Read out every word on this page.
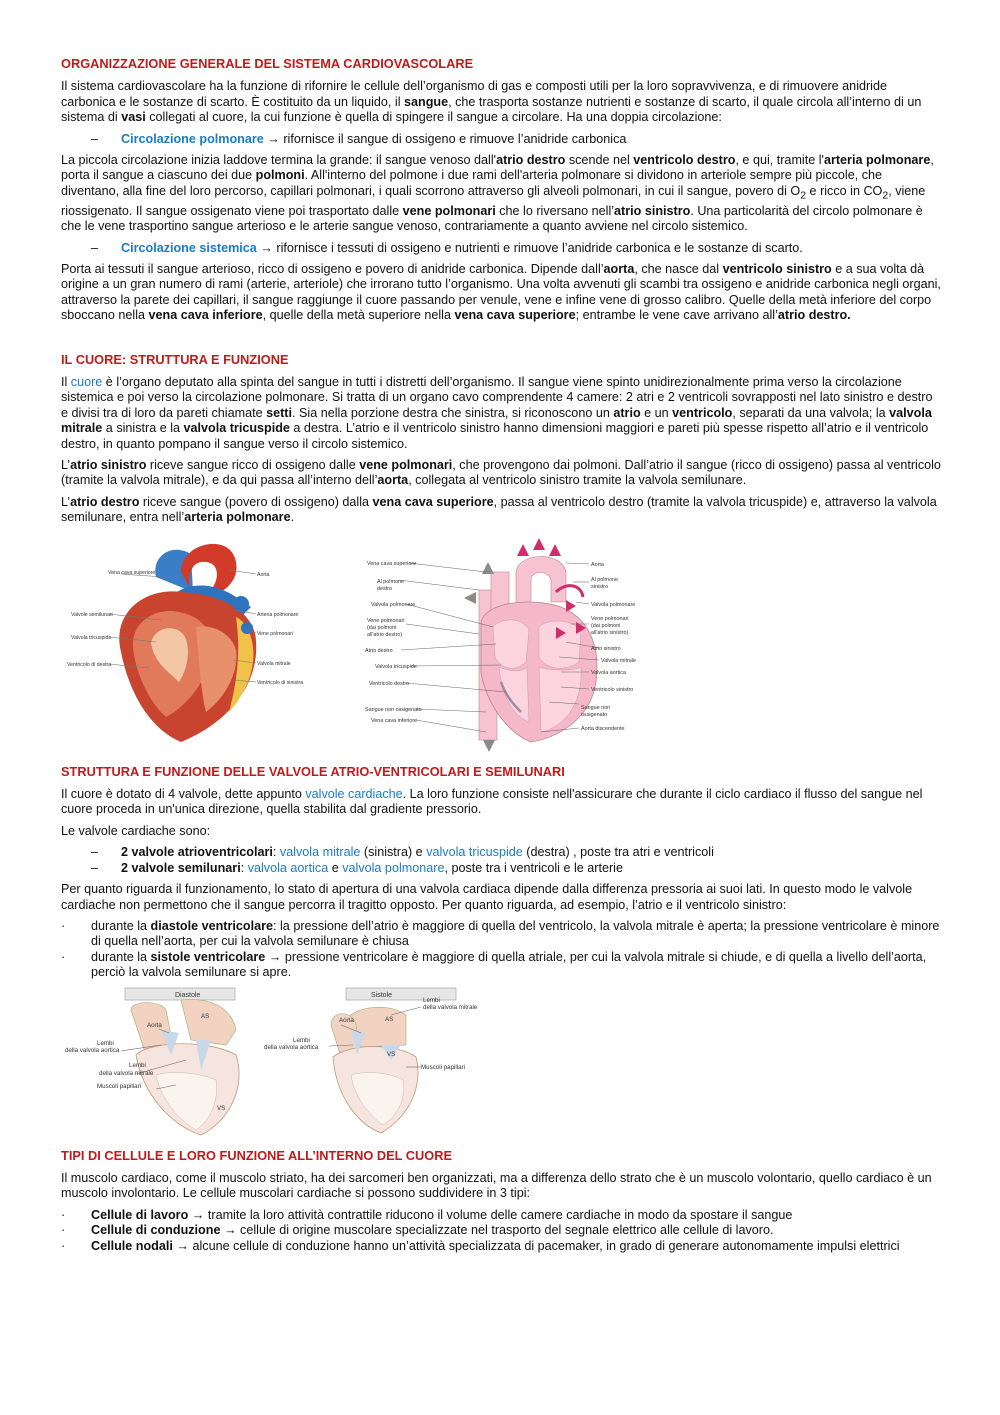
ORGANIZZAZIONE GENERALE DEL SISTEMA CARDIOVASCOLARE

Il sistema cardiovascolare ha la funzione di rifornire le cellule dell’organismo di gas e composti utili per la loro sopravvivenza, e di rimuovere anidride carbonica e le sostanze di scarto. È costituito da un liquido, il sangue, che trasporta sostanze nutrienti e sostanze di scarto, il quale circola all’interno di un sistema di vasi collegati al cuore, la cui funzione è quella di spingere il sangue a circolare. Ha una doppia circolazione:

– Circolazione polmonare → rifornisce il sangue di ossigeno e rimuove l’anidride carbonica

La piccola circolazione inizia laddove termina la grande: il sangue venoso dall'atrio destro scende nel ventricolo destro, e qui, tramite l'arteria polmonare, porta il sangue a ciascuno dei due polmoni. All'interno del polmone i due rami dell'arteria polmonare si dividono in arteriole sempre più piccole, che diventano, alla fine del loro percorso, capillari polmonari, i quali scorrono attraverso gli alveoli polmonari, in cui il sangue, povero di $O_2$ e ricco in $CO_2$, viene riossigenato. Il sangue ossigenato viene poi trasportato dalle vene polmonari che lo riversano nell’atrio sinistro. Una particolarità del circolo polmonare è che le vene trasportino sangue arterioso e le arterie sangue venoso, contrariamente a quanto avviene nel circolo sistemico.

– Circolazione sistemica → rifornisce i tessuti di ossigeno e nutrienti e rimuove l’anidride carbonica e le sostanze di scarto.

Porta ai tessuti il sangue arterioso, ricco di ossigeno e povero di anidride carbonica. Dipende dall’aorta, che nasce dal ventricolo sinistro e a sua volta dà origine a un gran numero di rami (arterie, arteriole) che irrorano tutto l’organismo. Una volta avvenuti gli scambi tra ossigeno e anidride carbonica negli organi, attraverso la parete dei capillari, il sangue raggiunge il cuore passando per venule, vene e infine vene di grosso calibro. Quelle della metà inferiore del corpo sboccano nella vena cava inferiore, quelle della metà superiore nella vena cava superiore; entrambe le vene cave arrivano all’atrio destro.

IL CUORE: STRUTTURA E FUNZIONE

Il cuore è l’organo deputato alla spinta del sangue in tutti i distretti dell’organismo. Il sangue viene spinto unidirezionalmente prima verso la circolazione sistemica e poi verso la circolazione polmonare. Si tratta di un organo cavo comprendente 4 camere: 2 atri e 2 ventricoli sovrapposti nel lato sinistro e destro e divisi tra di loro da pareti chiamate setti. Sia nella porzione destra che sinistra, si riconoscono un atrio e un ventricolo, separati da una valvola; la valvola mitrale a sinistra e la valvola tricuspide a destra. L’atrio e il ventricolo sinistro hanno dimensioni maggiori e pareti più spesse rispetto all’atrio e il ventricolo destro, in quanto pompano il sangue verso il circolo sistemico.

L’atrio sinistro riceve sangue ricco di ossigeno dalle vene polmonari, che provengono dai polmoni. Dall’atrio il sangue (ricco di ossigeno) passa al ventricolo (tramite la valvola mitrale), e da qui passa all’interno dell’aorta, collegata al ventricolo sinistro tramite la valvola semilunare.

L’atrio destro riceve sangue (povero di ossigeno) dalla vena cava superiore, passa al ventricolo destro (tramite la valvola tricuspide) e, attraverso la valvola semilunare, entra nell’arteria polmonare.

Vena cava superiore	Aorta
Valvole semilunari	Arteria polmonare
Valvola tricuspide
Vene polmonari
Ventricolo di destra	Valvola mitrale
Ventricolo di sinistra
Vena cava superiore
Al polmone
destro
Valvola polmonare
Vene polmonari
(dai polmoni
all'atrio destro)
Atrio destro
Valvola tricuspide
Ventricolo destro
Sangue non ossigenato
Vena cava inferiore
Aorta
Al polmone
sinistro
Valvola polmonare
Vene polmonari
(dai polmoni
all'atrio sinistro)
Atrio sinistro
Valvola mitrale
Valvola aortica
Ventricolo sinistro
Sangue non
ossigenato
Aorta discendente
STRUTTURA E FUNZIONE DELLE VALVOLE ATRIO-VENTRICOLARI E SEMILUNARI

Il cuore è dotato di 4 valvole, dette appunto valvole cardiache. La loro funzione consiste nell'assicurare che durante il ciclo cardiaco il flusso del sangue nel cuore proceda in un'unica direzione, quella stabilita dal gradiente pressorio.

Le valvole cardiache sono:

– 2 valvole atrioventricolari: valvola mitrale (sinistra) e valvola tricuspide (destra) , poste tra atri e ventricoli
– 2 valvole semilunari: valvola aortica e valvola polmonare, poste tra i ventricoli e le arterie

Per quanto riguarda il funzionamento, lo stato di apertura di una valvola cardiaca dipende dalla differenza pressoria ai suoi lati. In questo modo le valvole cardiache non permettono che il sangue percorra il tragitto opposto. Per quanto riguarda, ad esempio, l’atrio e il ventricolo sinistro:

· durante la diastole ventricolare: la pressione dell’atrio è maggiore di quella del ventricolo, la valvola mitrale è aperta; la pressione ventricolare è minore di quella nell’aorta, per cui la valvola semilunare è chiusa
· durante la sistole ventricolare → pressione ventricolare è maggiore di quella atriale, per cui la valvola mitrale si chiude, e di quella a livello dell’aorta, perciò la valvola semilunare si apre.
Diastole
Aorta
AS
Lembi
della valvola aortica
Lembi
della valvola mitrale
Muscoli papillari
VS
Sistole
Lembi
della valvola mitrale
AS
Aorta
Lembi
della valvola aortica
VS
Muscoli papillari
TIPI DI CELLULE E LORO FUNZIONE ALL’INTERNO DEL CUORE

Il muscolo cardiaco, come il muscolo striato, ha dei sarcomeri ben organizzati, ma a differenza dello strato che è un muscolo volontario, quello cardiaco è un muscolo involontario. Le cellule muscolari cardiache si possono suddividere in 3 tipi:

· Cellule di lavoro → tramite la loro attività contrattile riducono il volume delle camere cardiache in modo da spostare il sangue
· Cellule di conduzione → cellule di origine muscolare specializzate nel trasporto del segnale elettrico alle cellule di lavoro.
· Cellule nodali → alcune cellule di conduzione hanno un’attività specializzata di pacemaker, in grado di generare autonomamente impulsi elettrici
